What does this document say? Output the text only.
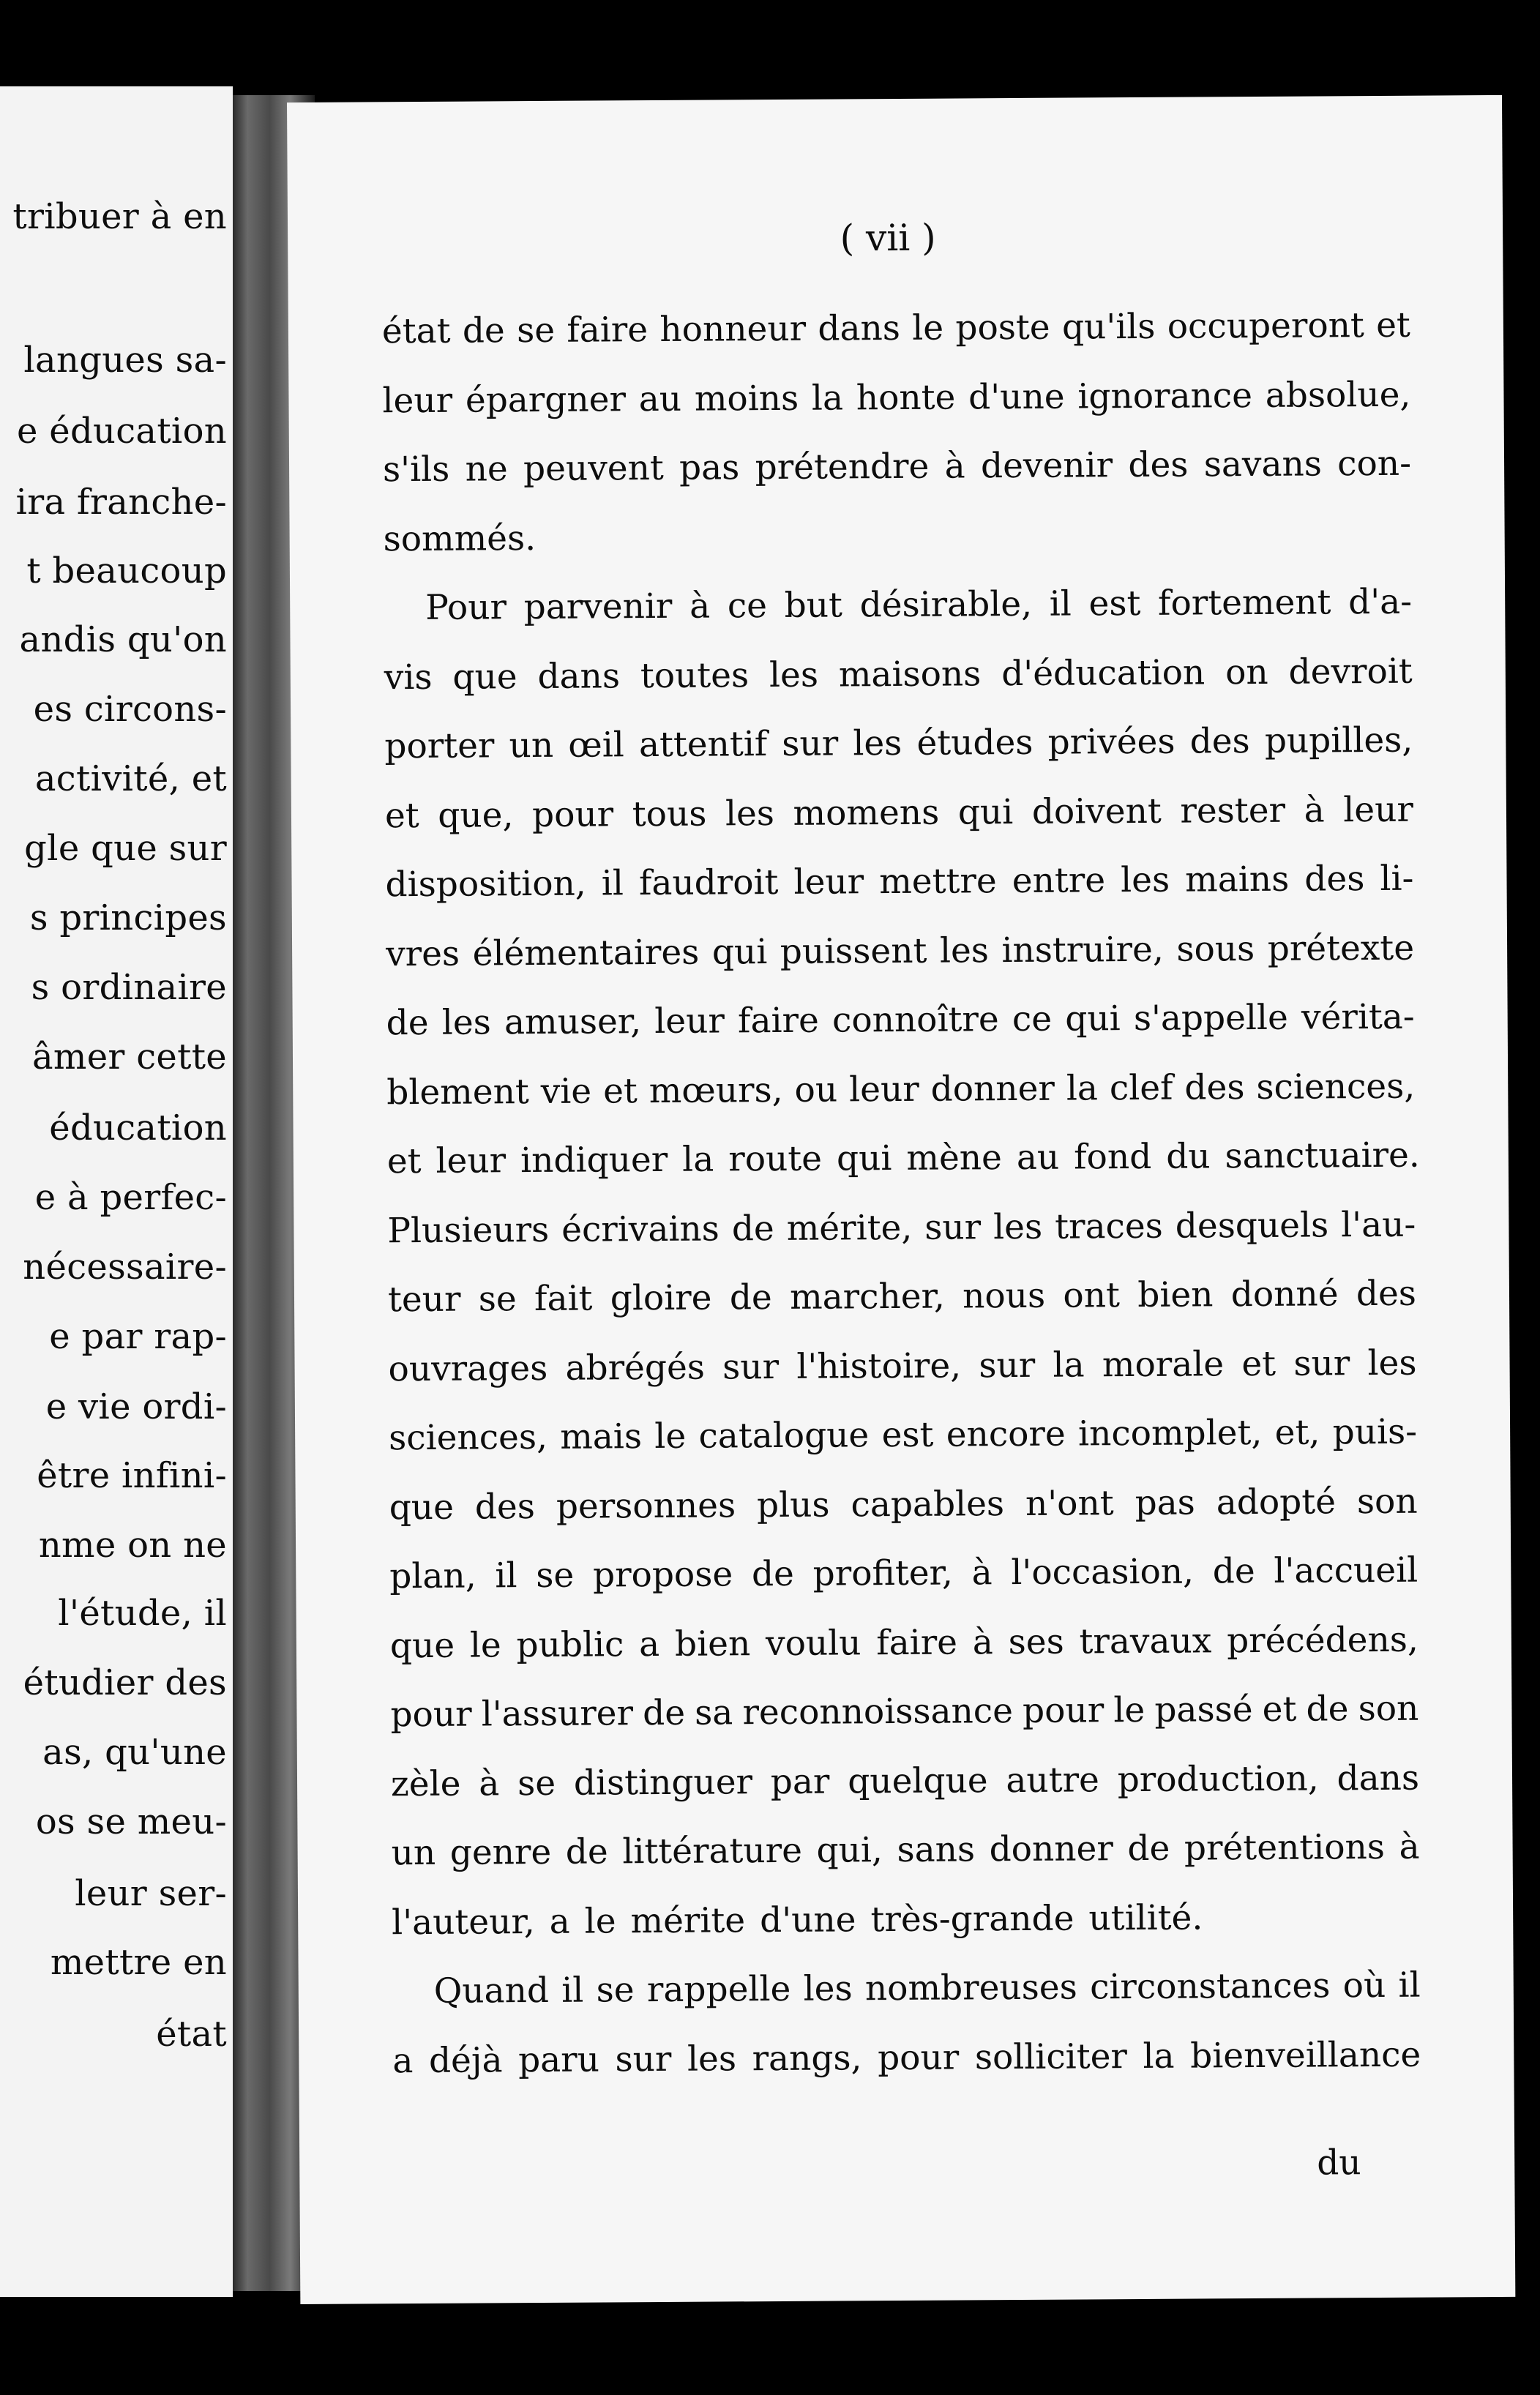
tribuer à en
langues sa-
e éducation
ira franche-
t beaucoup
andis qu'on
es circons-
activité, et
gle que sur
s principes
s ordinaire
âmer cette
éducation
e à perfec-
nécessaire-
e par rap-
e vie ordi-
être infini-
nme on ne
l'étude, il
étudier des
as, qu'une
os se meu-
leur ser-
mettre en
état
( vii )
état de se faire honneur dans le poste qu'ils occuperont et
leur épargner au moins la honte d'une ignorance absolue,
s'ils ne peuvent pas prétendre à devenir des savans con-
sommés.
Pour parvenir à ce but désirable, il est fortement d'a-
vis que dans toutes les maisons d'éducation on devroit
porter un œil attentif sur les études privées des pupilles,
et que, pour tous les momens qui doivent rester à leur
disposition, il faudroit leur mettre entre les mains des li-
vres élémentaires qui puissent les instruire, sous prétexte
de les amuser, leur faire connoître ce qui s'appelle vérita-
blement vie et mœurs, ou leur donner la clef des sciences,
et leur indiquer la route qui mène au fond du sanctuaire.
Plusieurs écrivains de mérite, sur les traces desquels l'au-
teur se fait gloire de marcher, nous ont bien donné des
ouvrages abrégés sur l'histoire, sur la morale et sur les
sciences, mais le catalogue est encore incomplet, et, puis-
que des personnes plus capables n'ont pas adopté son
plan, il se propose de profiter, à l'occasion, de l'accueil
que le public a bien voulu faire à ses travaux précédens,
pour l'assurer de sa reconnoissance pour le passé et de son
zèle à se distinguer par quelque autre production, dans
un genre de littérature qui, sans donner de prétentions à
l'auteur, a le mérite d'une très-grande utilité.
Quand il se rappelle les nombreuses circonstances où il
a déjà paru sur les rangs, pour solliciter la bienveillance
du
